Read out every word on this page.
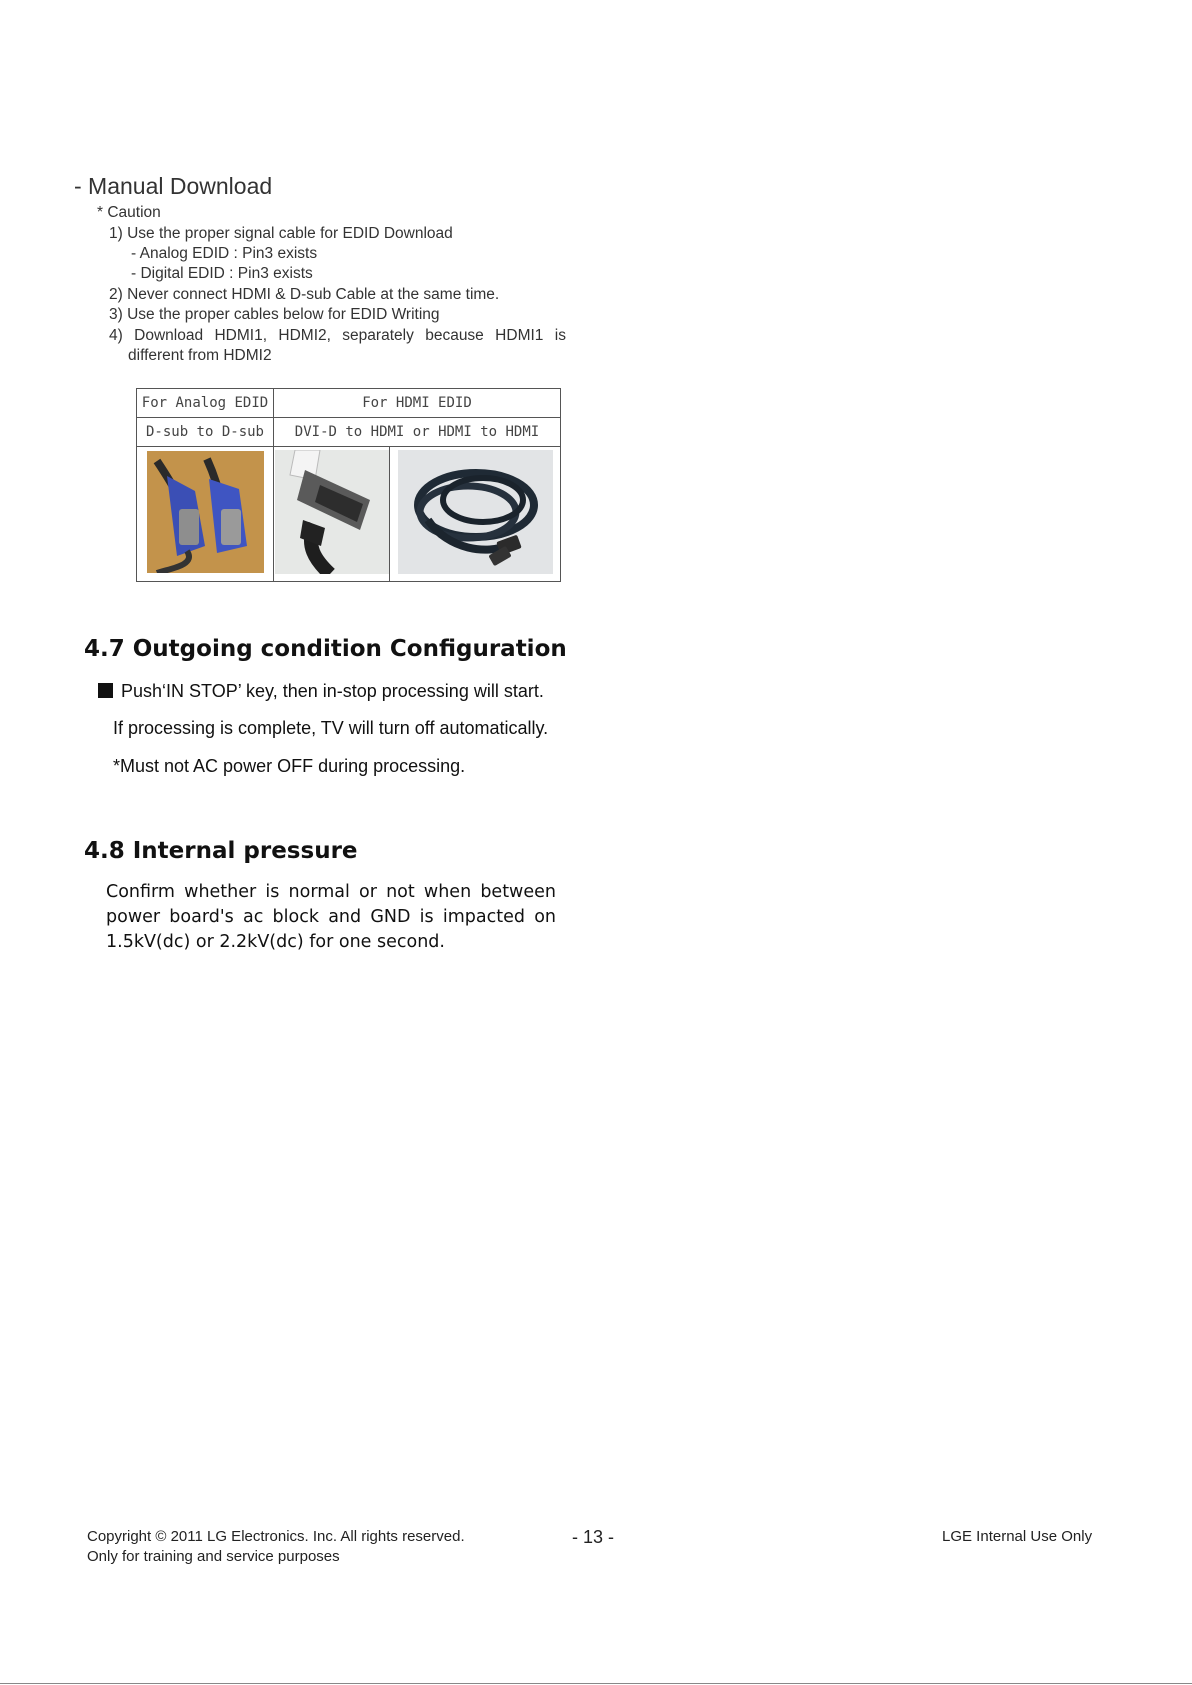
- Manual Download
* Caution
1) Use the proper signal cable for EDID Download
- Analog EDID : Pin3 exists
- Digital EDID : Pin3 exists
2) Never connect HDMI & D-sub Cable at the same time.
3) Use the proper cables below for EDID Writing
4) Download HDMI1, HDMI2, separately because HDMI1 is
different from HDMI2
For Analog EDID	For HDMI EDID	
D-sub to D-sub	DVI-D to HDMI or HDMI to HDMI	

4.7 Outgoing condition Configuration
Push‘IN STOP’ key, then in-stop processing will start.
If processing is complete, TV will turn off automatically.
*Must not AC power OFF during processing.
4.8 Internal pressure
Confirm whether is normal or not when between
power board's ac block and GND is impacted on
1.5kV(dc) or 2.2kV(dc) for one second.
Copyright © 2011 LG Electronics. Inc. All rights reserved.
Only for training and service purposes
- 13 -	LGE Internal Use Only
